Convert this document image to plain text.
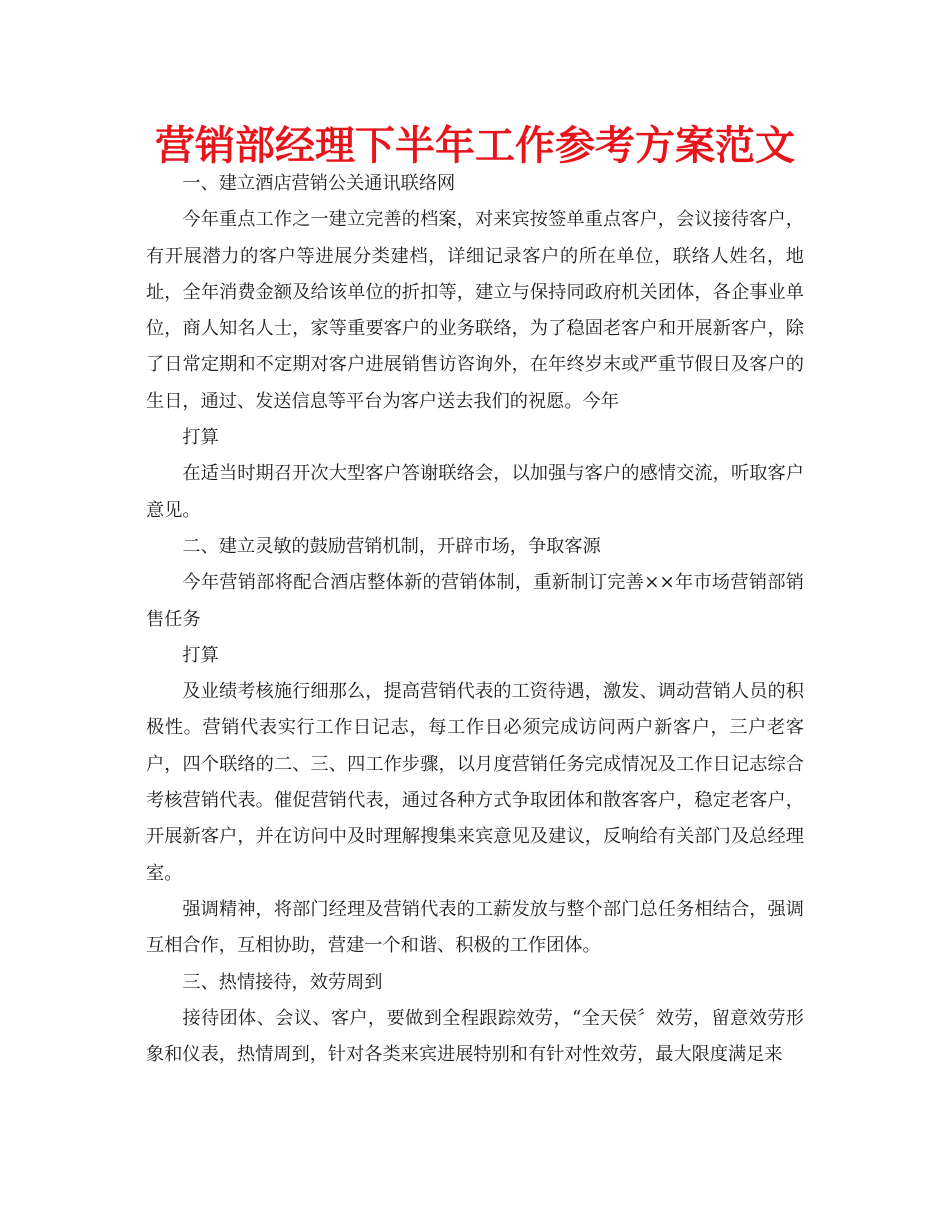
营销部经理下半年工作参考方案范文

一、建立酒店营销公关通讯联络网

今年重点工作之一建立完善的档案，对来宾按签单重点客户，会议接待客户，有开展潜力的客户等进展分类建档，详细记录客户的所在单位，联络人姓名，地址，全年消费金额及给该单位的折扣等，建立与保持同政府机关团体，各企事业单位，商人知名人士，家等重要客户的业务联络，为了稳固老客户和开展新客户，除了日常定期和不定期对客户进展销售访咨询外，在年终岁末或严重节假日及客户的生日，通过、发送信息等平台为客户送去我们的祝愿。今年

打算

在适当时期召开次大型客户答谢联络会，以加强与客户的感情交流，听取客户意见。

二、建立灵敏的鼓励营销机制，开辟市场，争取客源

今年营销部将配合酒店整体新的营销体制，重新制订完善××年市场营销部销售任务

打算

及业绩考核施行细那么，提高营销代表的工资待遇，激发、调动营销人员的积极性。营销代表实行工作日记志，每工作日必须完成访问两户新客户，三户老客户，四个联络的二、三、四工作步骤，以月度营销任务完成情况及工作日记志综合考核营销代表。催促营销代表，通过各种方式争取团体和散客客户，稳定老客户，开展新客户，并在访问中及时理解搜集来宾意见及建议，反响给有关部门及总经理室。

强调精神，将部门经理及营销代表的工薪发放与整个部门总任务相结合，强调互相合作，互相协助，营建一个和谐、积极的工作团体。

三、热情接待，效劳周到

接待团体、会议、客户，要做到全程跟踪效劳，“全天侯〞效劳，留意效劳形象和仪表，热情周到，针对各类来宾进展特别和有针对性效劳，最大限度满足来
